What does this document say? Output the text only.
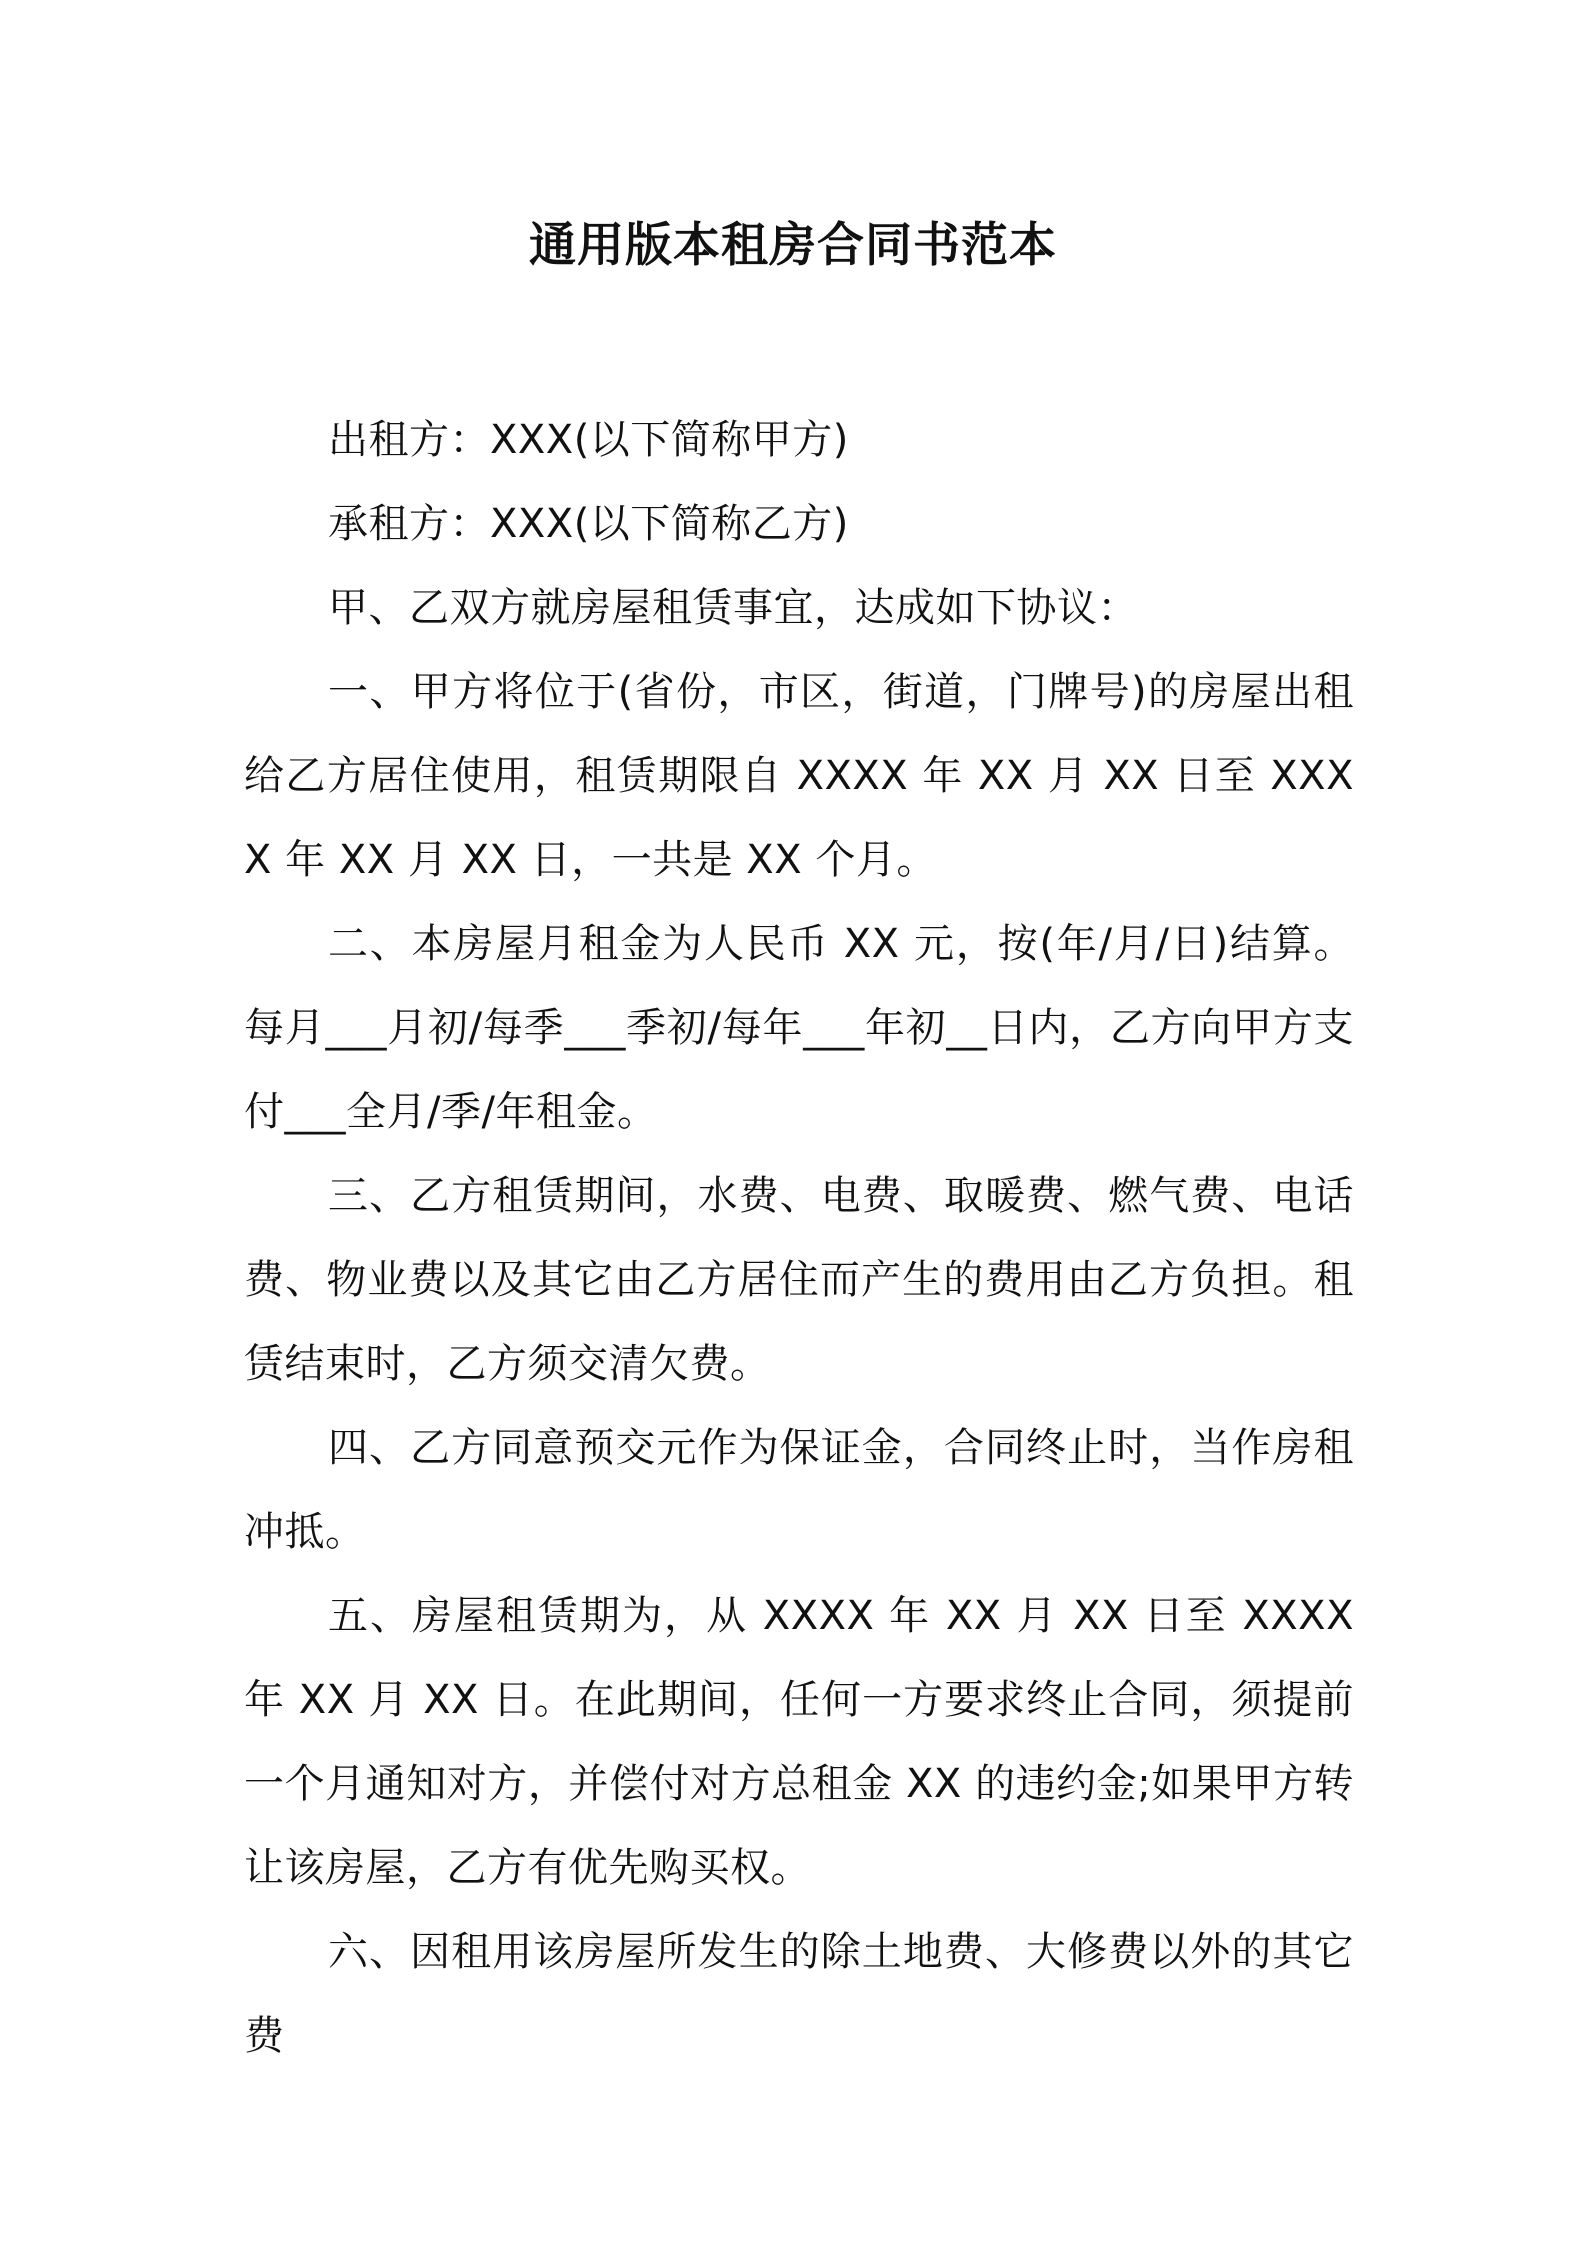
通用版本租房合同书范本

出租方：XXX(以下简称甲方)

承租方：XXX(以下简称乙方)

甲、乙双方就房屋租赁事宜，达成如下协议：

一、甲方将位于(省份，市区，街道，门牌号)的房屋出租给乙方居住使用，租赁期限自 XXXX 年 XX 月 XX 日至 XXXX 年 XX 月 XX 日，一共是 XX 个月。

二、本房屋月租金为人民币 XX 元，按(年/月/日)结算。每月___月初/每季___季初/每年___年初__日内，乙方向甲方支付___全月/季/年租金。

三、乙方租赁期间，水费、电费、取暖费、燃气费、电话费、物业费以及其它由乙方居住而产生的费用由乙方负担。租赁结束时，乙方须交清欠费。

四、乙方同意预交元作为保证金，合同终止时，当作房租冲抵。

五、房屋租赁期为，从 XXXX 年 XX 月 XX 日至 XXXX 年 XX 月 XX 日。在此期间，任何一方要求终止合同，须提前一个月通知对方，并偿付对方总租金 XX 的违约金;如果甲方转让该房屋，乙方有优先购买权。

六、因租用该房屋所发生的除土地费、大修费以外的其它费
